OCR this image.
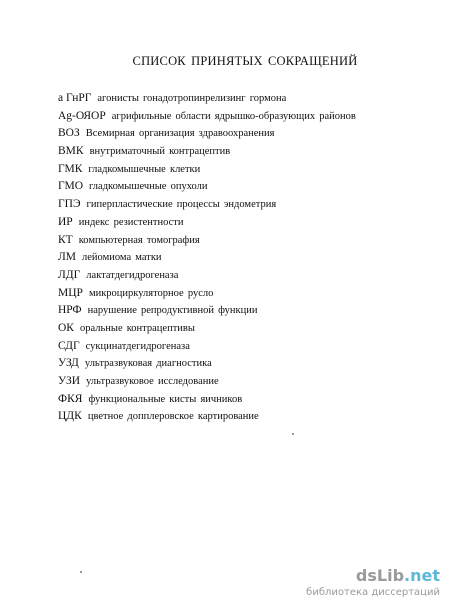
СПИСОК ПРИНЯТЫХ СОКРАЩЕНИЙ
а ГнРГ агонисты гонадотропинрелизинг гормона
Ag-ОЯОР агрифильные области ядрышко-образующих районов
ВОЗ Всемирная организация здравоохранения
ВМК внутриматочный контрацептив
ГМК гладкомышечные клетки
ГМО гладкомышечные опухоли
ГПЭ гиперпластические процессы эндометрия
ИР индекс резистентности
КТ компьютерная томография
ЛМ лейомиома матки
ЛДГ лактатдегидрогеназа
МЦР микроциркуляторное русло
НРФ нарушение репродуктивной функции
ОК оральные контрацептивы
СДГ сукцинатдегидрогеназа
УЗД ультразвуковая диагностика
УЗИ ультразвуковое исследование
ФКЯ функциональные кисты яичников
ЦДК цветное допплеровское картирование
dsLib.net
библиотека диссертаций
